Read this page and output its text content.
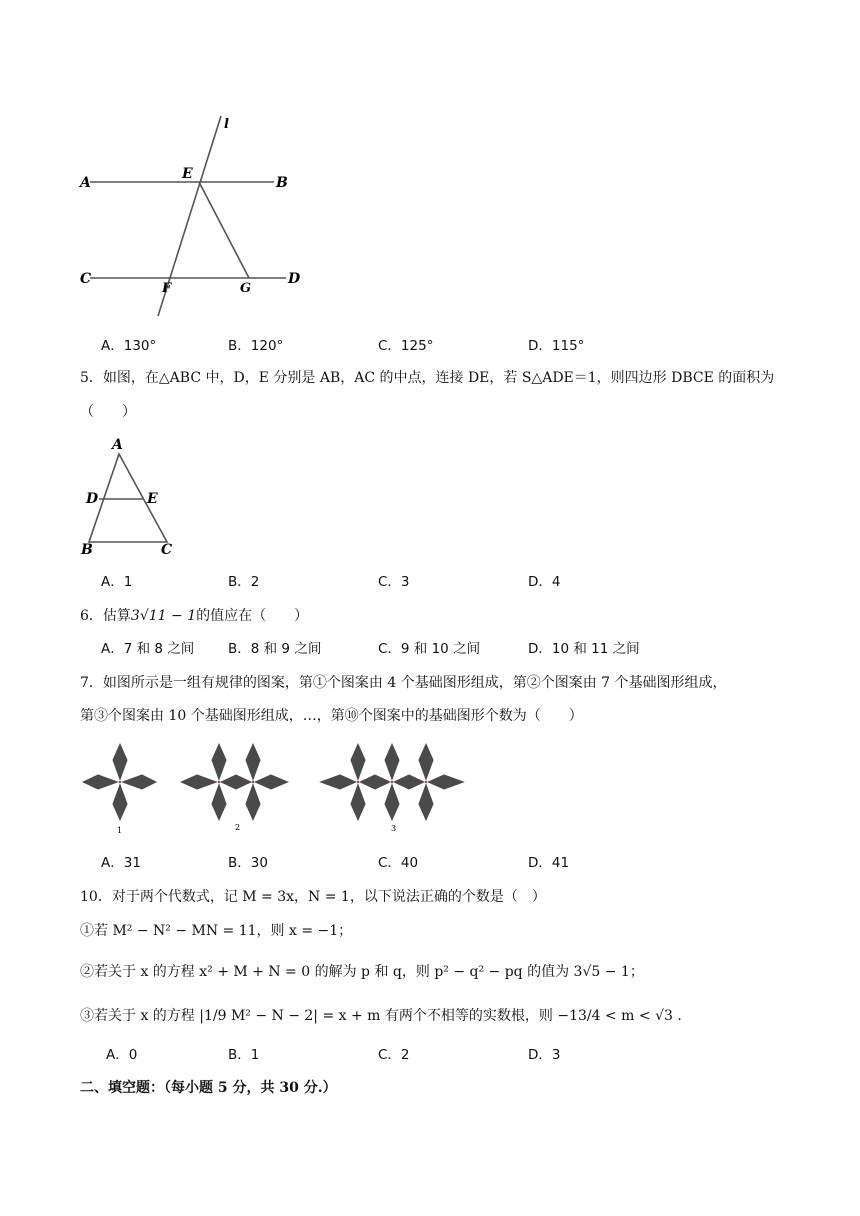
l
A
E
B
C
F	G
D
A．130°	B．120°	C．125°	D．115°
5．如图，在△ABC 中，D，E 分别是 AB，AC 的中点，连接 DE，若 S△ADE＝1，则四边形 DBCE 的面积为
（　　）
A
D	E
B	C
A．1	B．2	C．3	D．4
6．估算3√11 − 1的值应在（　　）
A．7 和 8 之间 B．8 和 9 之间	C．9 和 10 之间	D．10 和 11 之间
7．如图所示是一组有规律的图案，第①个图案由 4 个基础图形组成，第②个图案由 7 个基础图形组成，
第③个图案由 10 个基础图形组成，…，第⑩个图案中的基础图形个数为（　　）
1	2	3
A．31	B．30	C．40	D．41
10．对于两个代数式，记 M = 3x，N = 1，以下说法正确的个数是（　）
①若 M² − N² − MN = 11，则 x = −1；
②若关于 x 的方程 x² + M + N = 0 的解为 p 和 q，则 p² − q² − pq 的值为 3√5 − 1；
③若关于 x 的方程 |1/9 M² − N − 2| = x + m 有两个不相等的实数根，则 −13/4 < m < √3 .
A．0	B．1	C．2	D．3
二、填空题：（每小题 5 分，共 30 分.）
